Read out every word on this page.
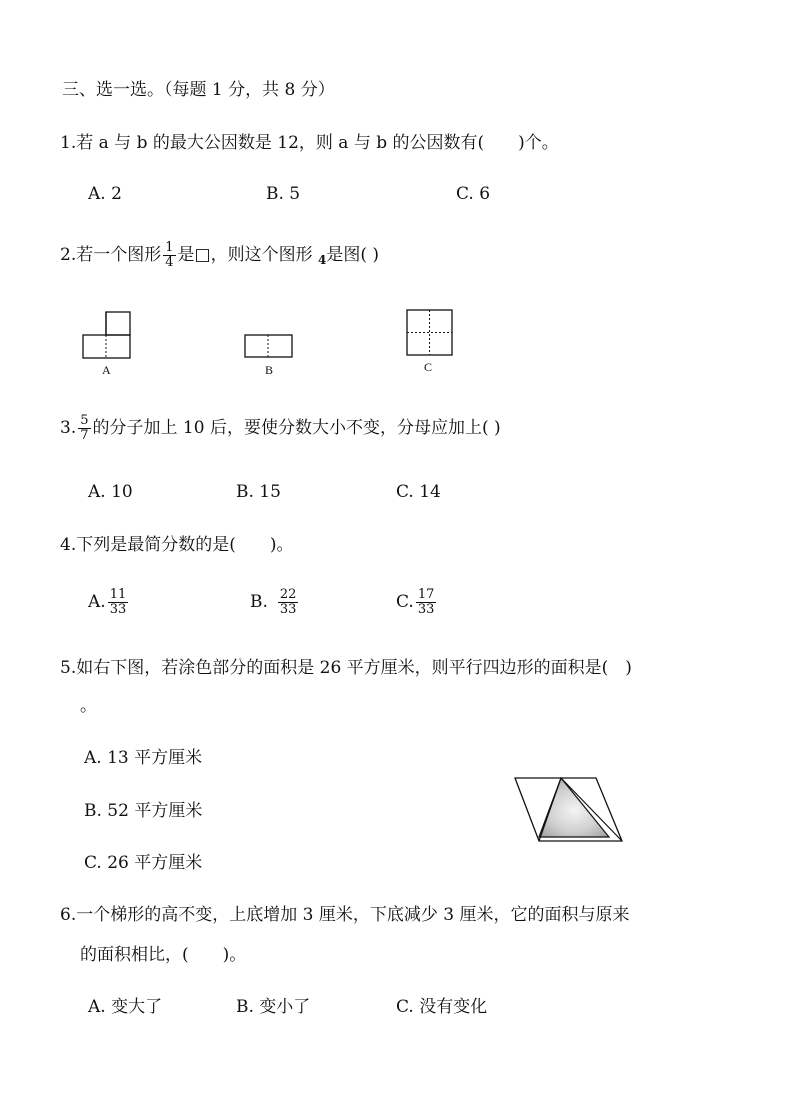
三、选一选。（每题 1 分，共 8 分）
1.若 a 与 b 的最大公因数是 12，则 a 与 b 的公因数有(　　)个。
A. 2	B. 5	C. 6
2.若一个图形 $\frac{1}{4}$ 是□，则这个图形 $_4$是图( )
A	B	C
3. $\frac{5}{7}$ 的分子加上 10 后，要使分数大小不变，分母应加上( )
A. 10	B. 15	C. 14
4.下列是最简分数的是(　　)。
A. $\frac{11}{33}$	B. $\frac{22}{33}$	C. $\frac{17}{33}$
5.如右下图，若涂色部分的面积是 26 平方厘米，则平行四边形的面积是(　)
。
A. 13 平方厘米
B. 52 平方厘米
C. 26 平方厘米
6.一个梯形的高不变，上底增加 3 厘米，下底减少 3 厘米，它的面积与原来
的面积相比，(　　)。
A. 变大了	B. 变小了	C. 没有变化
